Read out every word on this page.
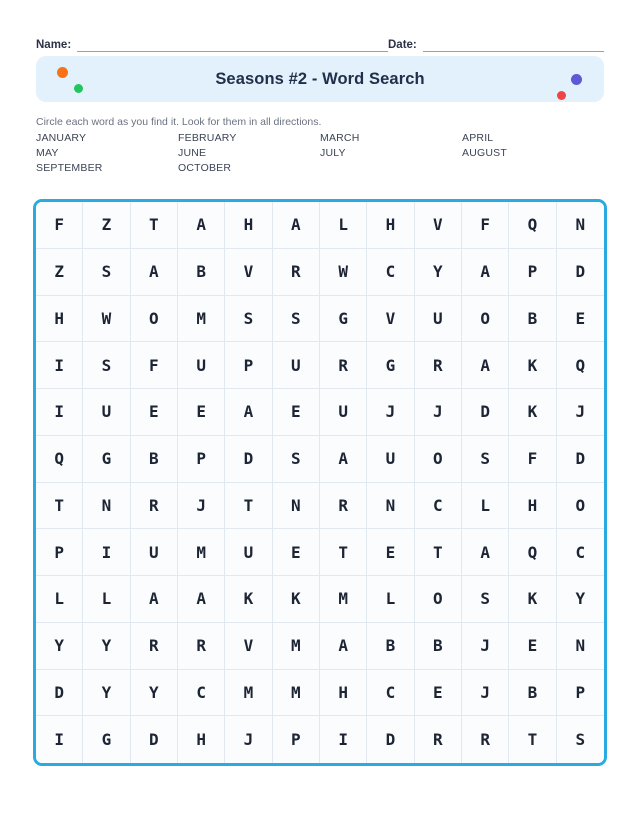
Name:	Date:
Seasons #2 - Word Search
Circle each word as you find it. Look for them in all directions.
JANUARY	FEBRUARY	MARCH	APRIL
MAY	JUNE	JULY	AUGUST
SEPTEMBER	OCTOBER
F	Z	T	A	H	A	L	H	V	F	Q	N
Z	S	A	B	V	R	W	C	Y	A	P	D
H	W	O	M	S	S	G	V	U	O	B	E
I	S	F	U	P	U	R	G	R	A	K	Q
I	U	E	E	A	E	U	J	J	D	K	J
Q	G	B	P	D	S	A	U	O	S	F	D
T	N	R	J	T	N	R	N	C	L	H	O
P	I	U	M	U	E	T	E	T	A	Q	C
L	L	A	A	K	K	M	L	O	S	K	Y
Y	Y	R	R	V	M	A	B	B	J	E	N
D	Y	Y	C	M	M	H	C	E	J	B	P
I	G	D	H	J	P	I	D	R	R	T	S
